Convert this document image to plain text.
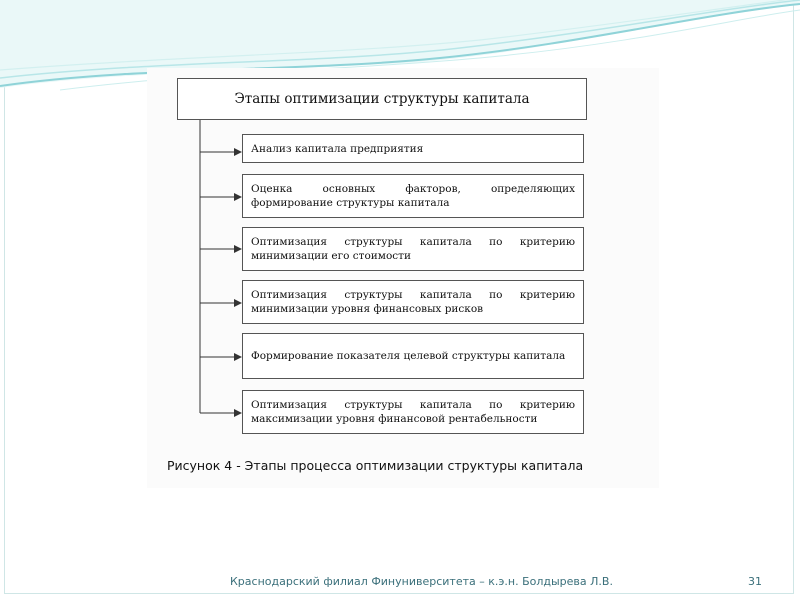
Этапы оптимизации структуры капитала
Анализ капитала предприятия
Оценка основных факторов, определяющих формирование структуры капитала
Оптимизация структуры капитала по критерию минимизации его стоимости
Оптимизация структуры капитала по критерию минимизации уровня финансовых рисков
Формирование показателя целевой структуры капитала
Оптимизация структуры капитала по критерию максимизации уровня финансовой рентабельности
Рисунок 4 - Этапы процесса оптимизации структуры капитала
Краснодарский филиал Финуниверситета – к.э.н. Болдырева Л.В.	31
